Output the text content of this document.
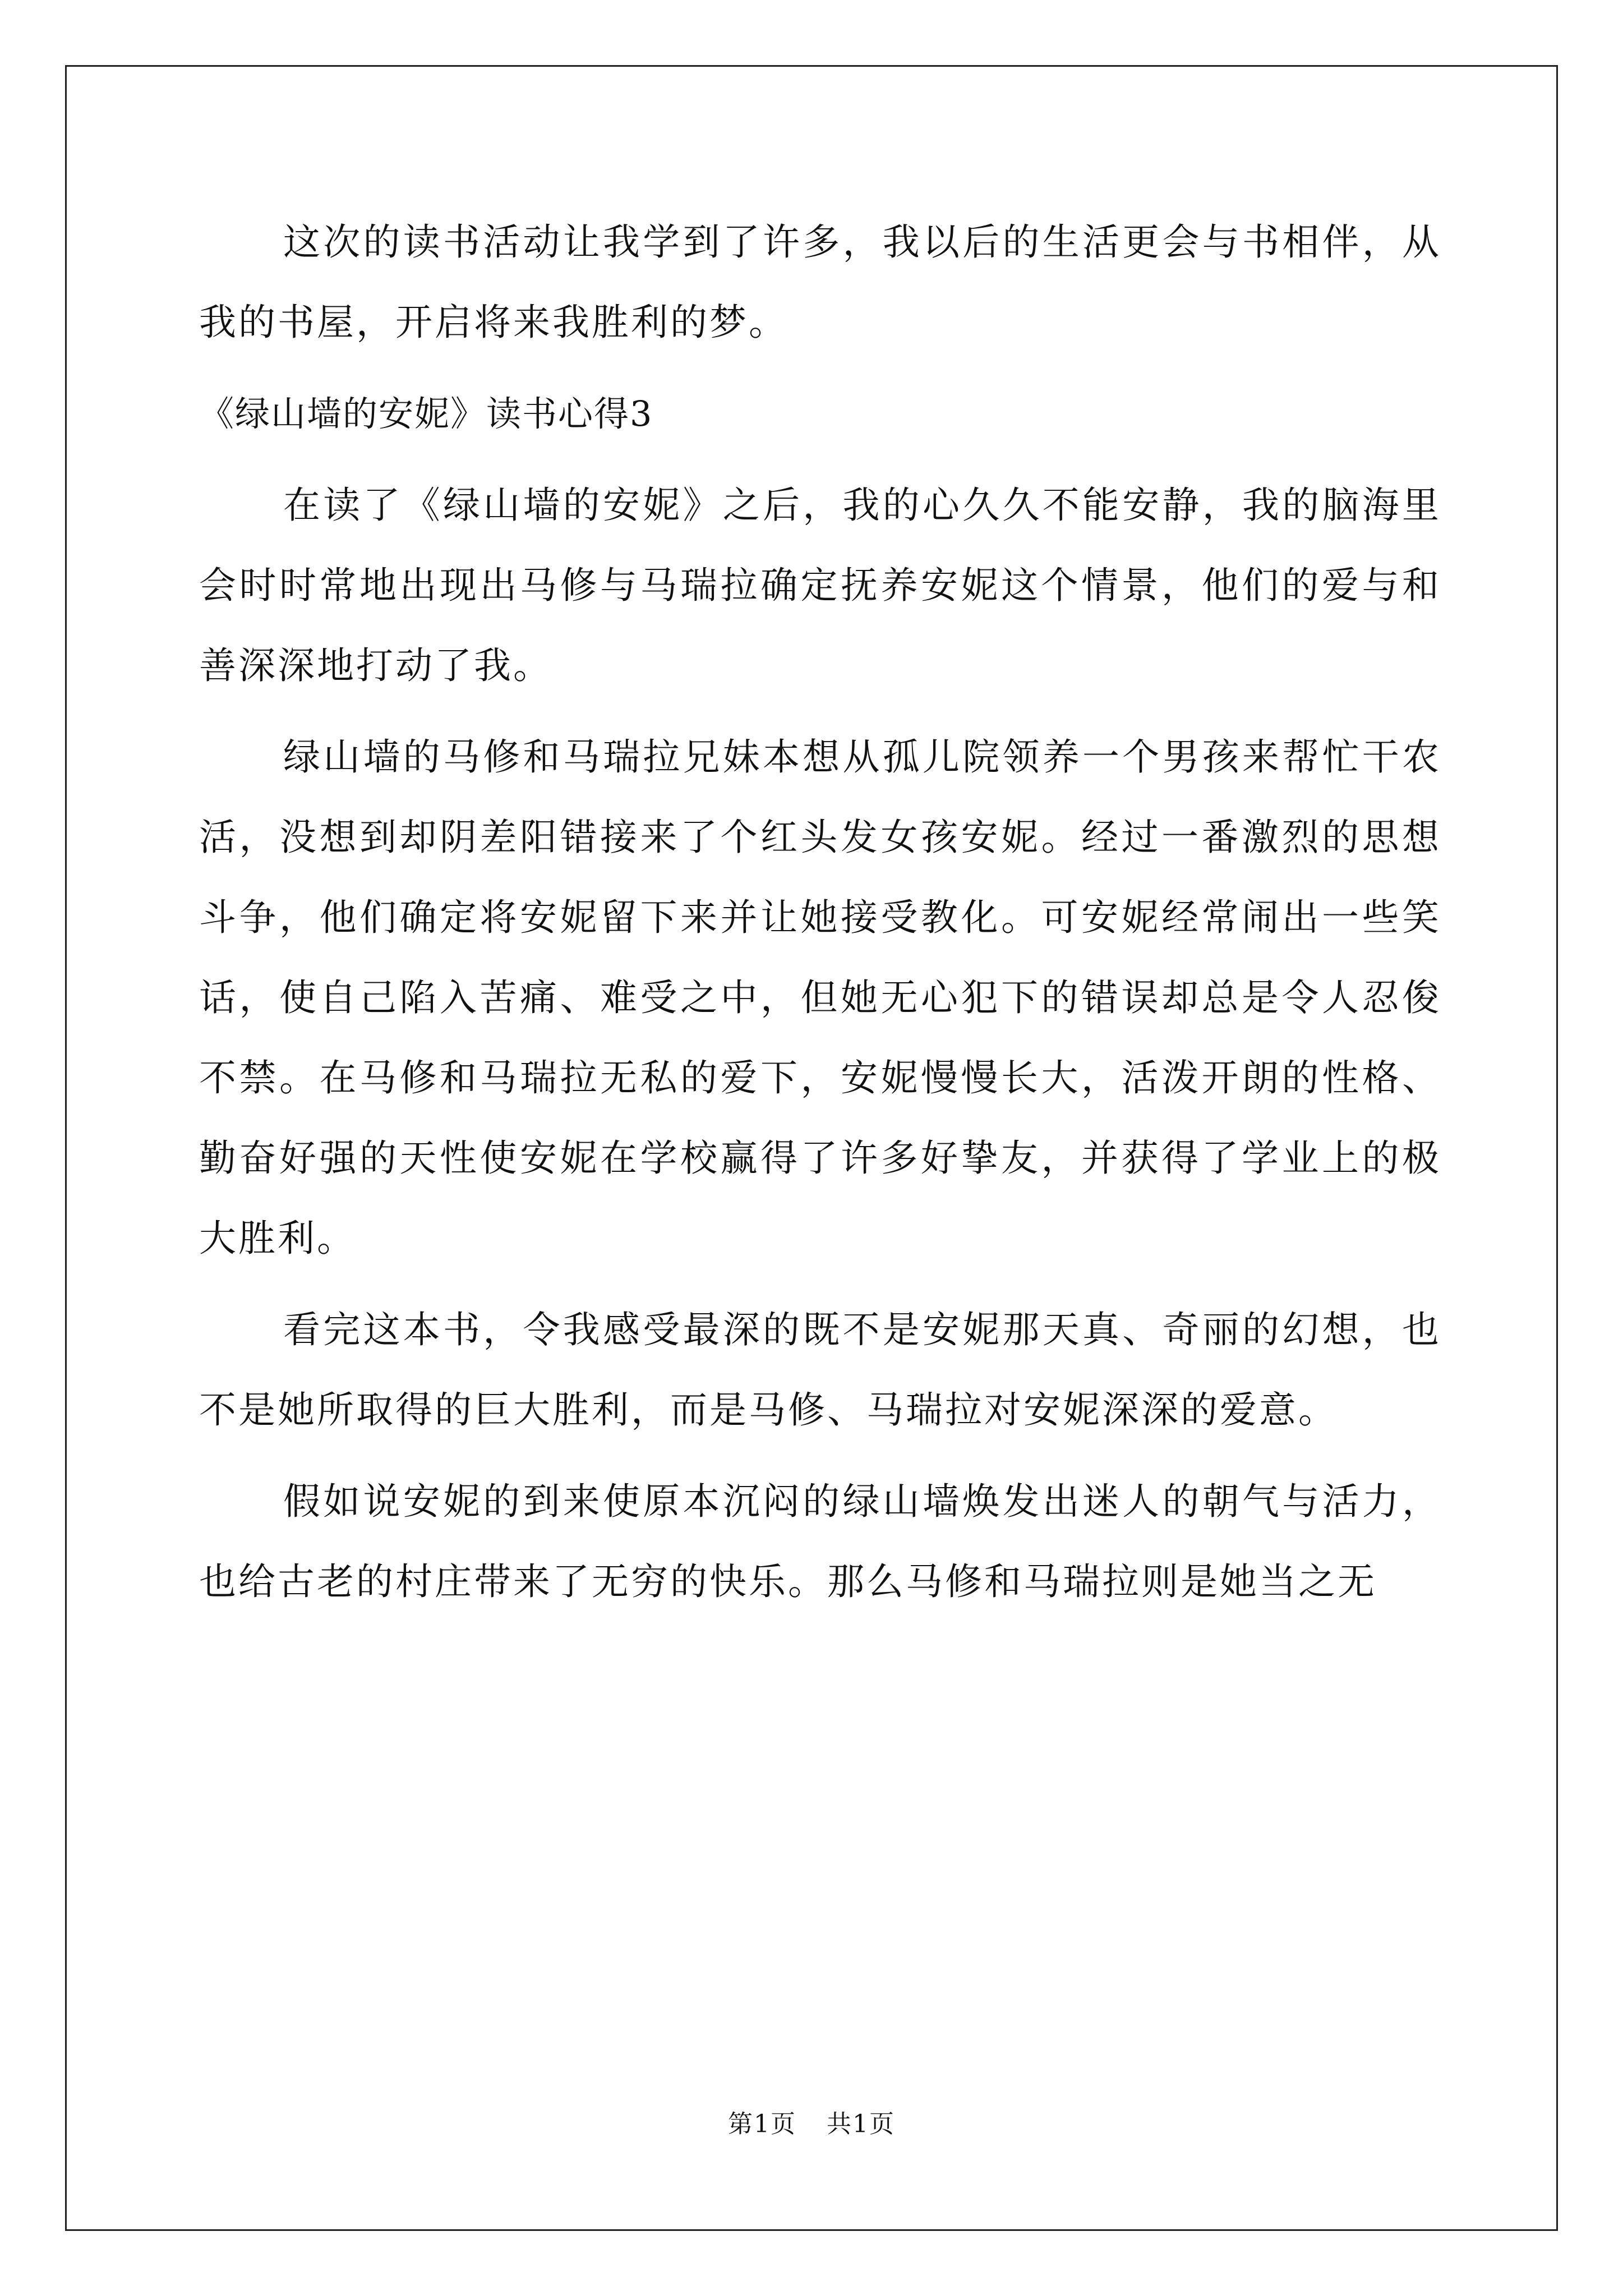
这次的读书活动让我学到了许多，我以后的生活更会与书相伴，从我的书屋，开启将来我胜利的梦。

《绿山墙的安妮》读书心得3

在读了《绿山墙的安妮》之后，我的心久久不能安静，我的脑海里会时时常地出现出马修与马瑞拉确定抚养安妮这个情景，他们的爱与和善深深地打动了我。

绿山墙的马修和马瑞拉兄妹本想从孤儿院领养一个男孩来帮忙干农活，没想到却阴差阳错接来了个红头发女孩安妮。经过一番激烈的思想斗争，他们确定将安妮留下来并让她接受教化。可安妮经常闹出一些笑话，使自己陷入苦痛、难受之中，但她无心犯下的错误却总是令人忍俊不禁。在马修和马瑞拉无私的爱下，安妮慢慢长大，活泼开朗的性格、勤奋好强的天性使安妮在学校赢得了许多好挚友，并获得了学业上的极大胜利。

看完这本书，令我感受最深的既不是安妮那天真、奇丽的幻想，也不是她所取得的巨大胜利，而是马修、马瑞拉对安妮深深的爱意。

假如说安妮的到来使原本沉闷的绿山墙焕发出迷人的朝气与活力，也给古老的村庄带来了无穷的快乐。那么马修和马瑞拉则是她当之无

第1页 共1页
